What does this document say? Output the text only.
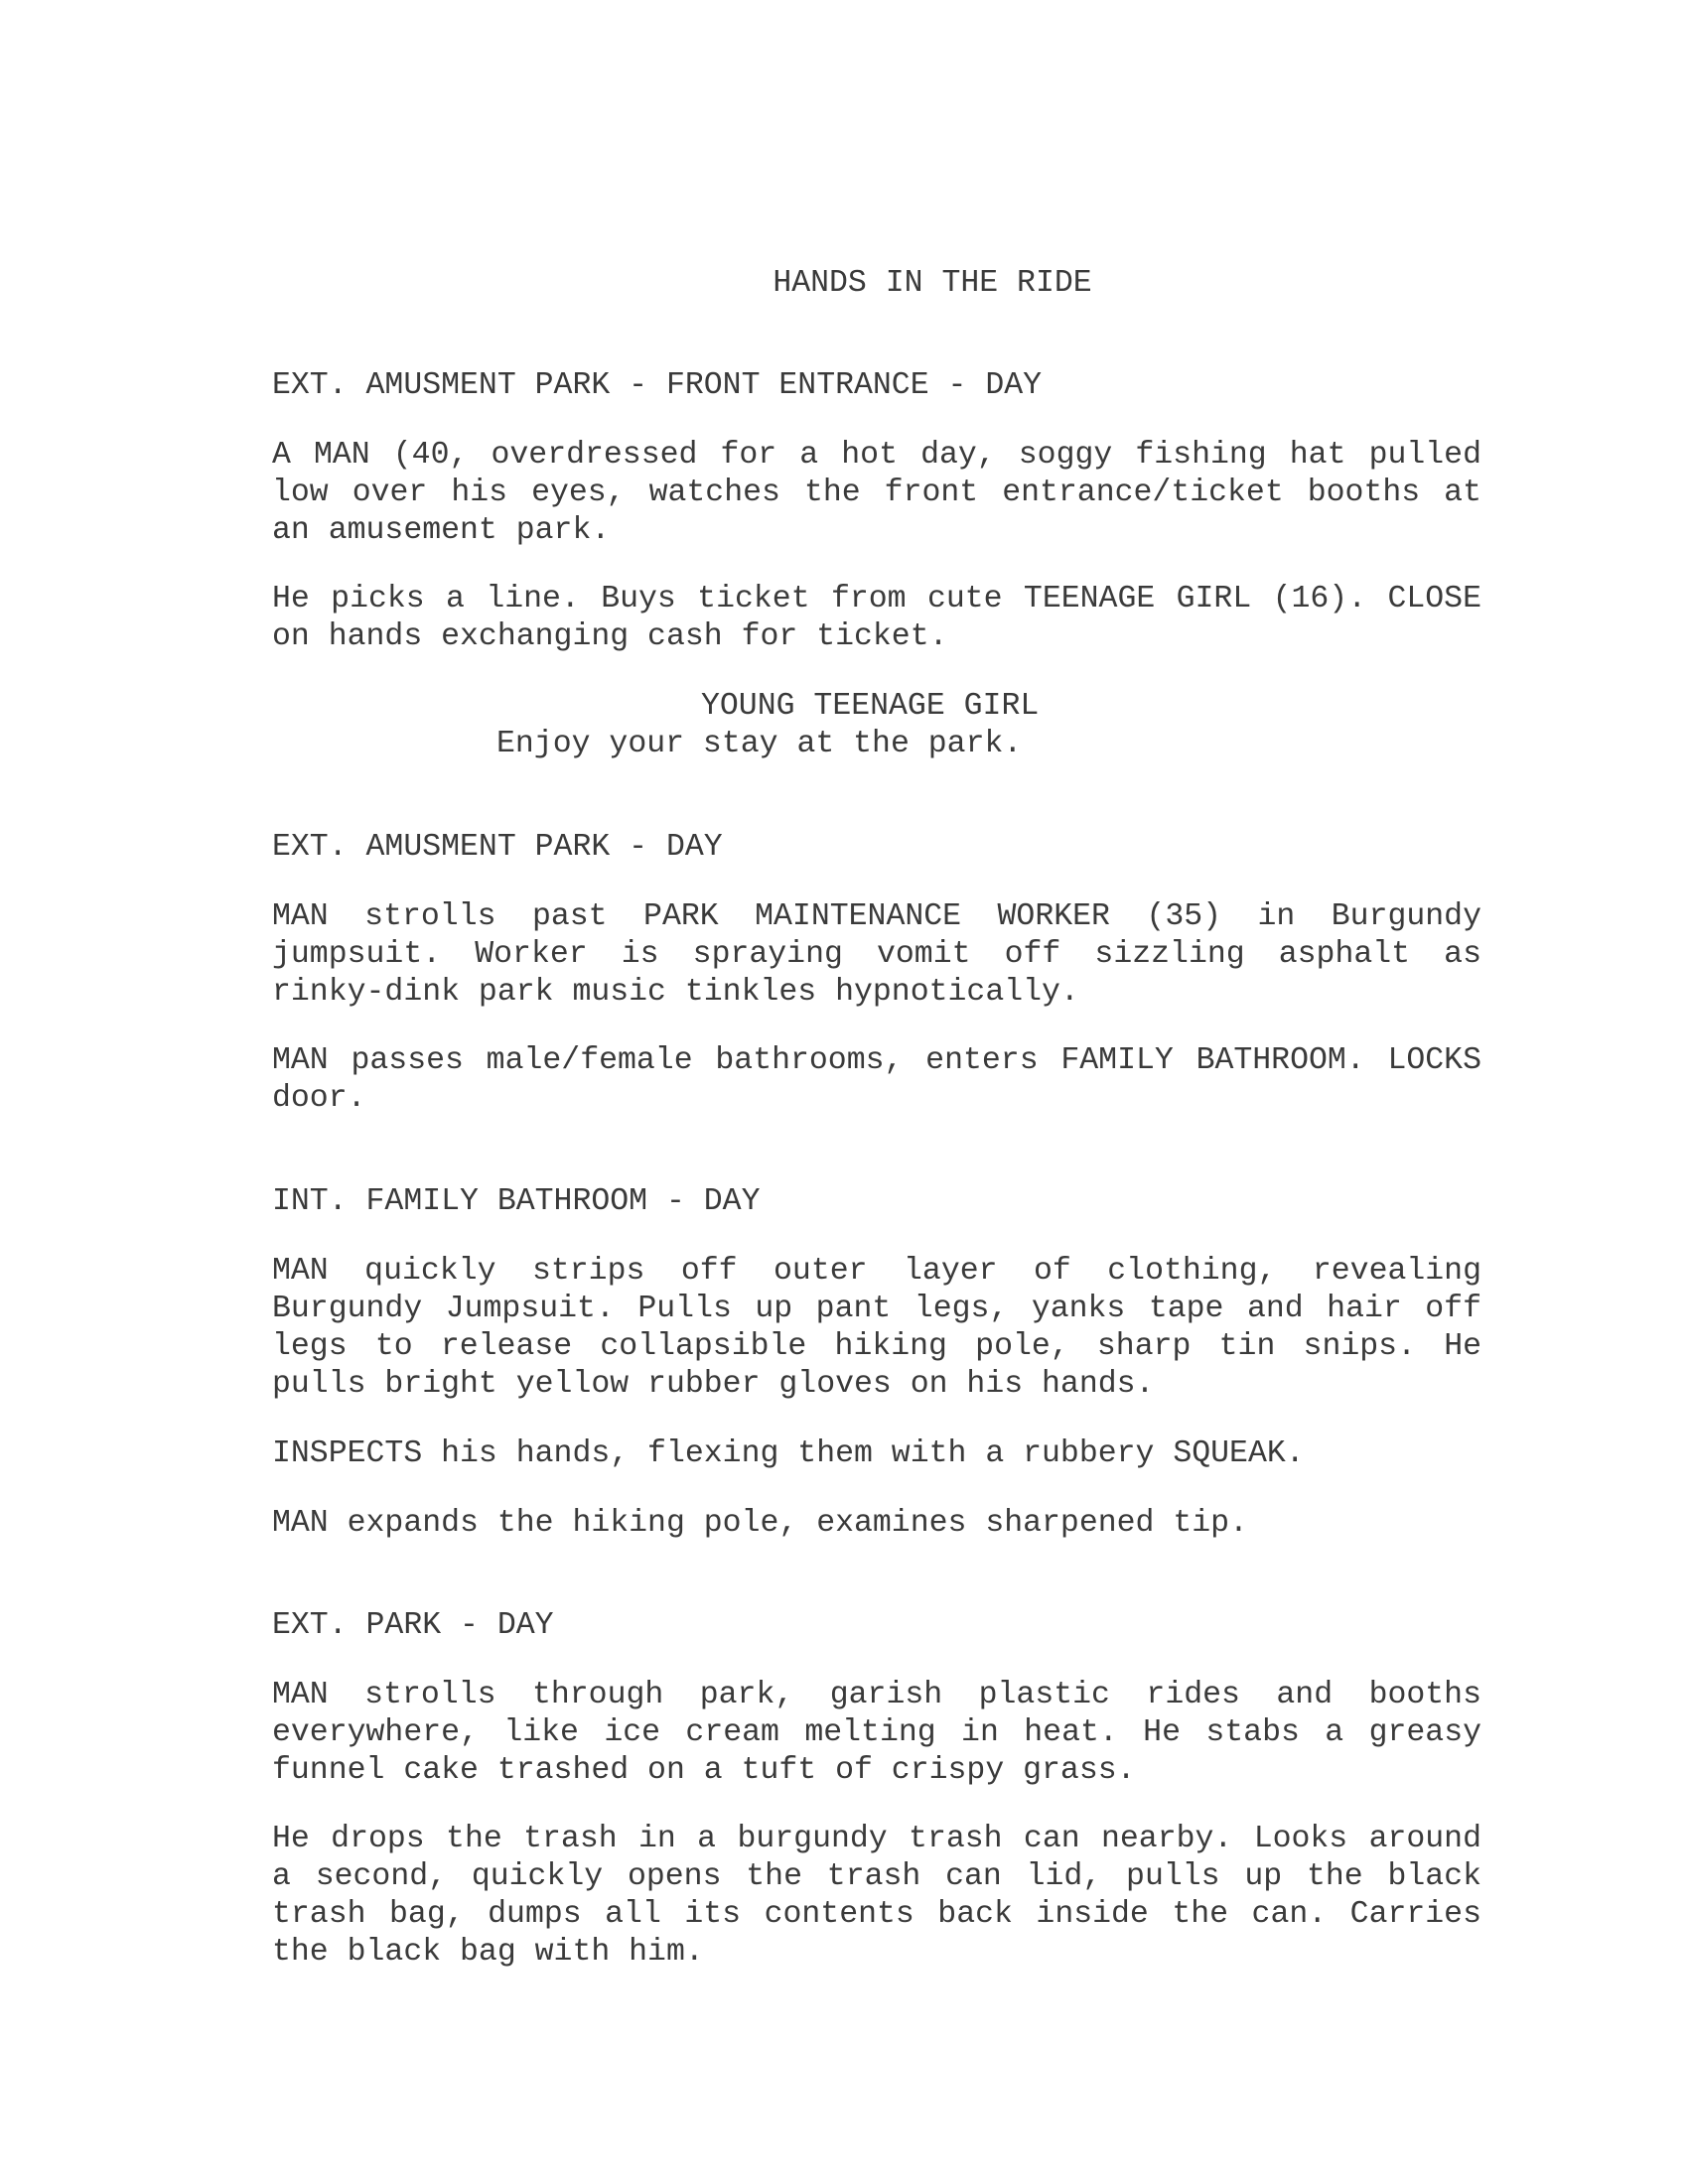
HANDS IN THE RIDE
EXT. AMUSMENT PARK - FRONT ENTRANCE - DAY
A MAN (40, overdressed for a hot day, soggy fishing hat pulled low over his eyes, watches the front entrance/ticket booths at an amusement park.
He picks a line. Buys ticket from cute TEENAGE GIRL (16). CLOSE on hands exchanging cash for ticket.
YOUNG TEENAGE GIRL
Enjoy your stay at the park.
EXT. AMUSMENT PARK - DAY
MAN strolls past PARK MAINTENANCE WORKER (35) in Burgundy jumpsuit. Worker is spraying vomit off sizzling asphalt as rinky-dink park music tinkles hypnotically.
MAN passes male/female bathrooms, enters FAMILY BATHROOM. LOCKS door.
INT. FAMILY BATHROOM - DAY
MAN quickly strips off outer layer of clothing, revealing Burgundy Jumpsuit. Pulls up pant legs, yanks tape and hair off legs to release collapsible hiking pole, sharp tin snips. He pulls bright yellow rubber gloves on his hands.
INSPECTS his hands, flexing them with a rubbery SQUEAK.
MAN expands the hiking pole, examines sharpened tip.
EXT. PARK - DAY
MAN strolls through park, garish plastic rides and booths everywhere, like ice cream melting in heat. He stabs a greasy funnel cake trashed on a tuft of crispy grass.
He drops the trash in a burgundy trash can nearby. Looks around a second, quickly opens the trash can lid, pulls up the black trash bag, dumps all its contents back inside the can. Carries the black bag with him.
